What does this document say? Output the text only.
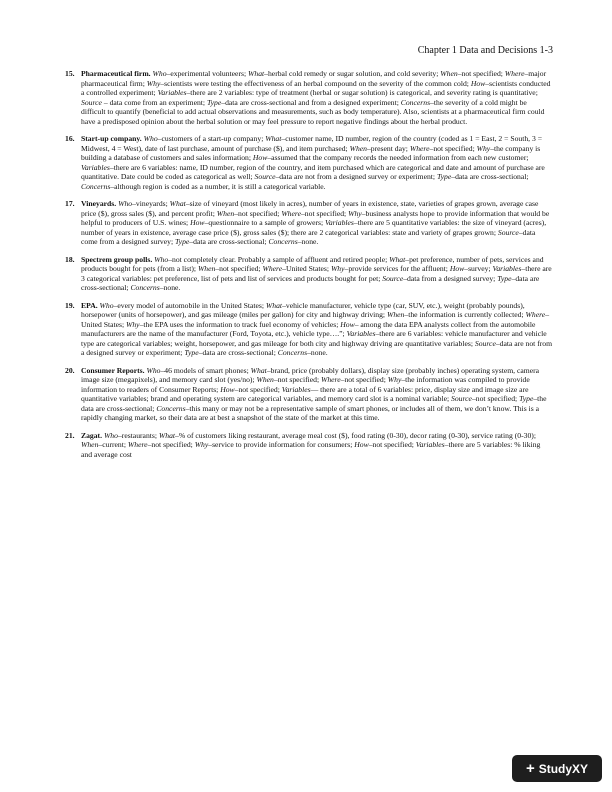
Chapter 1 Data and Decisions 1-3
15. Pharmaceutical firm. Who–experimental volunteers; What–herbal cold remedy or sugar solution, and cold severity; When–not specified; Where–major pharmaceutical firm; Why–scientists were testing the effectiveness of an herbal compound on the severity of the common cold; How–scientists conducted a controlled experiment; Variables–there are 2 variables: type of treatment (herbal or sugar solution) is categorical, and severity rating is quantitative; Source – data come from an experiment; Type–data are cross-sectional and from a designed experiment; Concerns–the severity of a cold might be difficult to quantify (beneficial to add actual observations and measurements, such as body temperature). Also, scientists at a pharmaceutical firm could have a predisposed opinion about the herbal solution or may feel pressure to report negative findings about the herbal product.
16. Start-up company. Who–customers of a start-up company; What–customer name, ID number, region of the country (coded as 1 = East, 2 = South, 3 = Midwest, 4 = West), date of last purchase, amount of purchase ($), and item purchased; When–present day; Where–not specified; Why–the company is building a database of customers and sales information; How–assumed that the company records the needed information from each new customer; Variables–there are 6 variables: name, ID number, region of the country, and item purchased which are categorical and date and amount of purchase are quantitative. Date could be coded as categorical as well; Source–data are not from a designed survey or experiment; Type–data are cross-sectional; Concerns–although region is coded as a number, it is still a categorical variable.
17. Vineyards. Who–vineyards; What–size of vineyard (most likely in acres), number of years in existence, state, varieties of grapes grown, average case price ($), gross sales ($), and percent profit; When–not specified; Where–not specified; Why–business analysts hope to provide information that would be helpful to producers of U.S. wines; How–questionnaire to a sample of growers; Variables–there are 5 quantitative variables: the size of vineyard (acres), number of years in existence, average case price ($), gross sales ($); there are 2 categorical variables: state and variety of grapes grown; Source–data come from a designed survey; Type–data are cross-sectional; Concerns–none.
18. Spectrem group polls. Who–not completely clear. Probably a sample of affluent and retired people; What–pet preference, number of pets, services and products bought for pets (from a list); When–not specified; Where–United States; Why–provide services for the affluent; How–survey; Variables–there are 3 categorical variables: pet preference, list of pets and list of services and products bought for pet; Source–data from a designed survey; Type–data are cross-sectional; Concerns–none.
19. EPA. Who–every model of automobile in the United States; What–vehicle manufacturer, vehicle type (car, SUV, etc.), weight (probably pounds), horsepower (units of horsepower), and gas mileage (miles per gallon) for city and highway driving; When–the information is currently collected; Where–United States; Why–the EPA uses the information to track fuel economy of vehicles; How– among the data EPA analysts collect from the automobile manufacturers are the name of the manufacturer (Ford, Toyota, etc.), vehicle type….”; Variables–there are 6 variables: vehicle manufacturer and vehicle type are categorical variables; weight, horsepower, and gas mileage for both city and highway driving are quantitative variables; Source–data are not from a designed survey or experiment; Type–data are cross-sectional; Concerns–none.
20. Consumer Reports. Who–46 models of smart phones; What–brand, price (probably dollars), display size (probably inches) operating system, camera image size (megapixels), and memory card slot (yes/no); When–not specified; Where–not specified; Why–the information was compiled to provide information to readers of Consumer Reports; How–not specified; Variables— there are a total of 6 variables: price, display size and image size are quantitative variables; brand and operating system are categorical variables, and memory card slot is a nominal variable; Source–not specified; Type–the data are cross-sectional; Concerns–this many or may not be a representative sample of smart phones, or includes all of them, we don’t know. This is a rapidly changing market, so their data are at best a snapshot of the state of the market at this time.
21. Zagat. Who–restaurants; What–% of customers liking restaurant, average meal cost ($), food rating (0-30), decor rating (0-30), service rating (0-30); When–current; Where–not specified; Why–service to provide information for consumers; How–not specified; Variables–there are 5 variables: % liking and average cost
+ StudyXY
